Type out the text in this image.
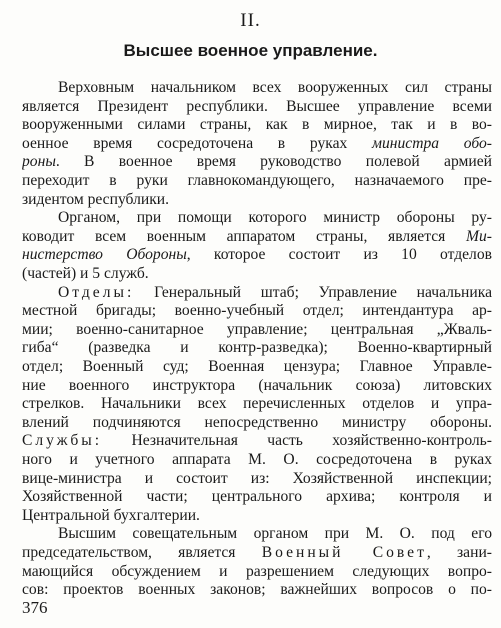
II.
Высшее военное управление.
Верховным начальником всех вооруженных сил страны
является Президент республики. Высшее управление всеми
вооруженными силами страны, как в мирное, так и в во-
оенное время сосредоточена в руках министра обо-
роны. В военное время руководство полевой армией
переходит в руки главнокомандующего, назначаемого пре-
зидентом республики.
Органом, при помощи которого министр обороны ру-
ководит всем военным аппаратом страны, является Ми-
нистерство Обороны, которое состоит из 10 отделов
(частей) и 5 служб.
Отделы: Генеральный штаб; Управление начальника
местной бригады; военно-учебный отдел; интендантура ар-
мии; военно-санитарное управление; центральная „Жваль-
гиба“ (разведка и контр-разведка); Военно-квартирный
отдел; Военный суд; Военная цензура; Главное Управле-
ние военного инструктора (начальник союза) литовских
стрелков. Начальники всех перечисленных отделов и упра-
влений подчиняются непосредственно министру обороны.
Службы: Незначительная часть хозяйственно-контроль-
ного и учетного аппарата М. О. сосредоточена в руках
вице-министра и состоит из: Хозяйственной инспекции;
Хозяйственной части; центрального архива; контроля и
Центральной бухгалтерии.
Высшим совещательным органом при М. О. под его
председательством, является Военный Совет, зани-
мающийся обсуждением и разрешением следующих вопро-
сов: проектов военных законов; важнейших вопросов о по-
376
